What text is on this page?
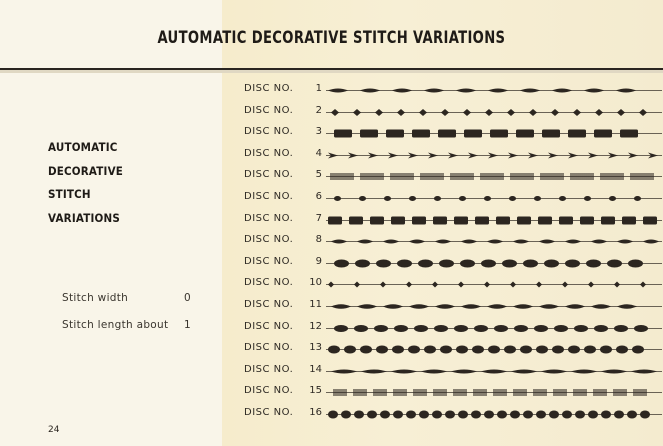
AUTOMATIC DECORATIVE STITCH VARIATIONS
AUTOMATIC
DECORATIVE
STITCH
VARIATIONS
Stitch width	0
Stitch length about 1
24
DISC NO.	1
DISC NO.	2
DISC NO.	3
DISC NO.	4
DISC NO.	5
DISC NO.	6
DISC NO.	7
DISC NO.	8
DISC NO.	9
DISC NO. 10
DISC NO. 11
DISC NO. 12
DISC NO. 13
DISC NO. 14
DISC NO. 15
DISC NO. 16
